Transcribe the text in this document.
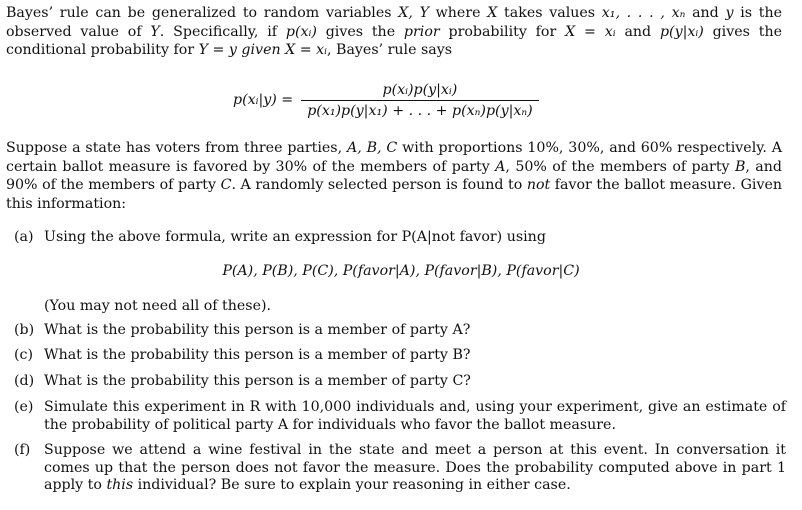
Bayes’ rule can be generalized to random variables X, Y where X takes values x₁, . . . , xₙ and y is the observed value of Y. Specifically, if p(xᵢ) gives the prior probability for X = xᵢ and p(y|xᵢ) gives the conditional probability for Y = y given X = xᵢ, Bayes’ rule says
p(xᵢ|y) = $\frac{\text{p(xᵢ)p(y|xᵢ)}}{\text{p(x₁)p(y|x₁) + . . . + p(xₙ)p(y|xₙ)}}$
Suppose a state has voters from three parties, A, B, C with proportions 10%, 30%, and 60% respectively. A certain ballot measure is favored by 30% of the members of party A, 50% of the members of party B, and 90% of the members of party C. A randomly selected person is found to not favor the ballot measure. Given this information:
(a) Using the above formula, write an expression for P(A|not favor) using
P(A), P(B), P(C), P(favor|A), P(favor|B), P(favor|C)
(You may not need all of these).
(b) What is the probability this person is a member of party A?
(c) What is the probability this person is a member of party B?
(d) What is the probability this person is a member of party C?
(e) Simulate this experiment in R with 10,000 individuals and, using your experiment, give an estimate of the probability of political party A for individuals who favor the ballot measure.
(f) Suppose we attend a wine festival in the state and meet a person at this event. In conversation it comes up that the person does not favor the measure. Does the probability computed above in part 1 apply to this individual? Be sure to explain your reasoning in either case.
